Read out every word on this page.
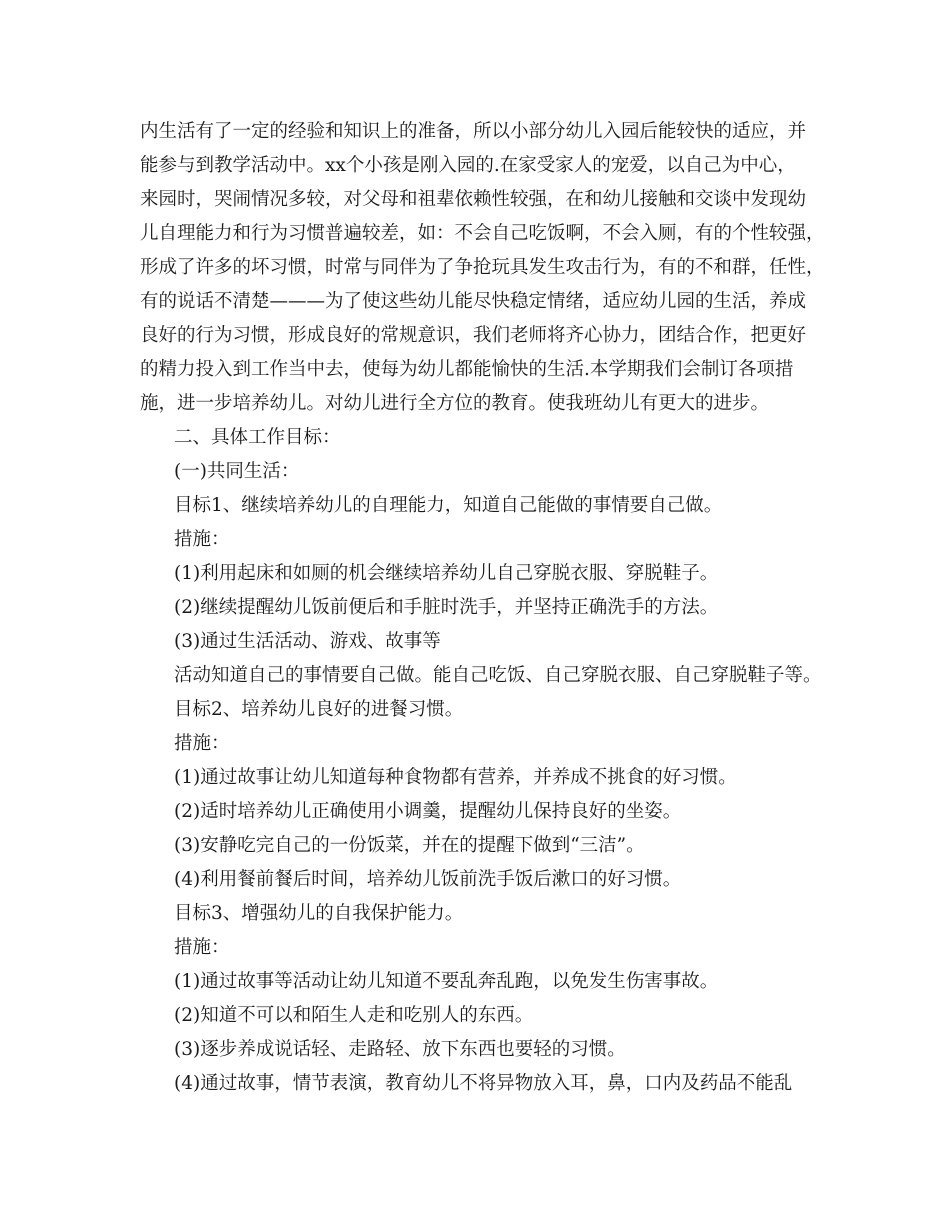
内生活有了一定的经验和知识上的准备，所以小部分幼儿入园后能较快的适应，并
能参与到教学活动中。xx个小孩是刚入园的.在家受家人的宠爱，以自己为中心，
来园时，哭闹情况多较，对父母和祖辈依赖性较强，在和幼儿接触和交谈中发现幼
儿自理能力和行为习惯普遍较差，如：不会自己吃饭啊，不会入厕，有的个性较强，
形成了许多的坏习惯，时常与同伴为了争抢玩具发生攻击行为，有的不和群，任性，
有的说话不清楚———为了使这些幼儿能尽快稳定情绪，适应幼儿园的生活，养成
良好的行为习惯，形成良好的常规意识，我们老师将齐心协力，团结合作，把更好
的精力投入到工作当中去，使每为幼儿都能愉快的生活.本学期我们会制订各项措
施，进一步培养幼儿。对幼儿进行全方位的教育。使我班幼儿有更大的进步。
二、具体工作目标：
(一)共同生活：
目标1、继续培养幼儿的自理能力，知道自己能做的事情要自己做。
措施：
(1)利用起床和如厕的机会继续培养幼儿自己穿脱衣服、穿脱鞋子。
(2)继续提醒幼儿饭前便后和手脏时洗手，并坚持正确洗手的方法。
(3)通过生活活动、游戏、故事等
活动知道自己的事情要自己做。能自己吃饭、自己穿脱衣服、自己穿脱鞋子等。
目标2、培养幼儿良好的进餐习惯。
措施：
(1)通过故事让幼儿知道每种食物都有营养，并养成不挑食的好习惯。
(2)适时培养幼儿正确使用小调羹，提醒幼儿保持良好的坐姿。
(3)安静吃完自己的一份饭菜，并在的提醒下做到“三洁”。
(4)利用餐前餐后时间，培养幼儿饭前洗手饭后漱口的好习惯。
目标3、增强幼儿的自我保护能力。
措施：
(1)通过故事等活动让幼儿知道不要乱奔乱跑，以免发生伤害事故。
(2)知道不可以和陌生人走和吃别人的东西。
(3)逐步养成说话轻、走路轻、放下东西也要轻的习惯。
(4)通过故事，情节表演，教育幼儿不将异物放入耳，鼻，口内及药品不能乱
